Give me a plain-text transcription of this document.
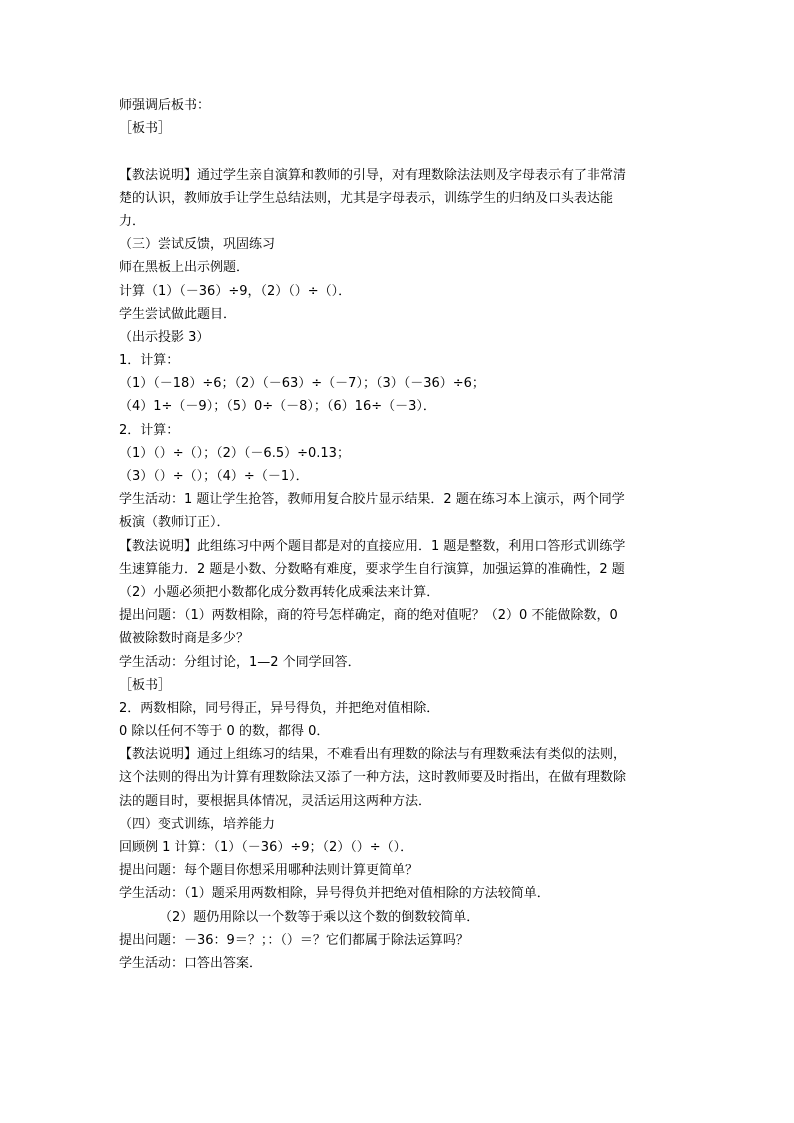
师强调后板书：
［板书］
【教法说明】通过学生亲自演算和教师的引导，对有理数除法法则及字母表示有了非常清
楚的认识，教师放手让学生总结法则，尤其是字母表示，训练学生的归纳及口头表达能
力．
（三）尝试反馈，巩固练习
师在黑板上出示例题．
计算（1）（－36）÷9，（2）（）÷（）．
学生尝试做此题目．
（出示投影 3）
1．计算：
（1）（－18）÷6；（2）（－63）÷（－7）；（3）（－36）÷6；
（4）1÷（－9）；（5）0÷（－8）；（6）16÷（－3）．
2．计算：
（1）（）÷（）；（2）（－6.5）÷0.13；
（3）（）÷（）；（4）÷（－1）．
学生活动：1 题让学生抢答，教师用复合胶片显示结果．2 题在练习本上演示，两个同学
板演（教师订正）．
【教法说明】此组练习中两个题目都是对的直接应用．1 题是整数，利用口答形式训练学
生速算能力．2 题是小数、分数略有难度，要求学生自行演算，加强运算的准确性，2 题
（2）小题必须把小数都化成分数再转化成乘法来计算．
提出问题：（1）两数相除，商的符号怎样确定，商的绝对值呢？（2）0 不能做除数，0
做被除数时商是多少？
学生活动：分组讨论，1—2 个同学回答．
［板书］
2．两数相除，同号得正，异号得负，并把绝对值相除．
0 除以任何不等于 0 的数，都得 0．
【教法说明】通过上组练习的结果，不难看出有理数的除法与有理数乘法有类似的法则，
这个法则的得出为计算有理数除法又添了一种方法，这时教师要及时指出，在做有理数除
法的题目时，要根据具体情况，灵活运用这两种方法．
（四）变式训练，培养能力
回顾例 1 计算：（1）（－36）÷9；（2）（）÷（）．
提出问题：每个题目你想采用哪种法则计算更简单？
学生活动：（1）题采用两数相除，异号得负并把绝对值相除的方法较简单．
（2）题仍用除以一个数等于乘以这个数的倒数较简单．
提出问题：－36：9＝？；：（）＝？它们都属于除法运算吗？
学生活动：口答出答案．
